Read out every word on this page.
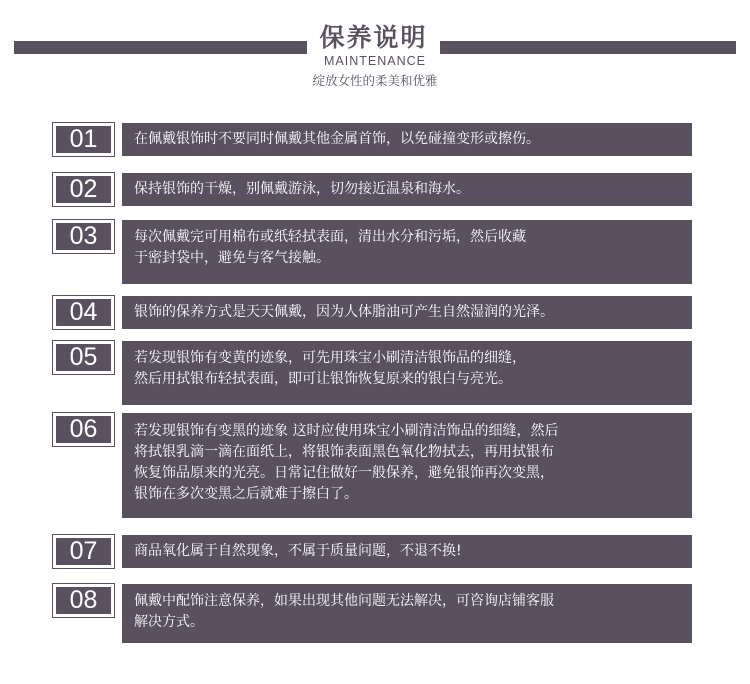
保养说明
MAINTENANCE
绽放女性的柔美和优雅
01	在佩戴银饰时不要同时佩戴其他金属首饰，以免碰撞变形或擦伤。
02	保持银饰的干燥，别佩戴游泳，切勿接近温泉和海水。
03	每次佩戴完可用棉布或纸轻拭表面，清出水分和污垢，然后收藏
于密封袋中，避免与客气接触。
04	银饰的保养方式是天天佩戴，因为人体脂油可产生自然湿润的光泽。
05	若发现银饰有变黄的迹象，可先用珠宝小刷清洁银饰品的细缝，
然后用拭银布轻拭表面，即可让银饰恢复原来的银白与亮光。
06	若发现银饰有变黑的迹象 这时应使用珠宝小刷清洁饰品的细缝，然后
将拭银乳滴一滴在面纸上，将银饰表面黑色氧化物拭去，再用拭银布
恢复饰品原来的光亮。日常记住做好一般保养，避免银饰再次变黑，
银饰在多次变黑之后就难于擦白了。
07	商品氧化属于自然现象，不属于质量问题，不退不换!
08	佩戴中配饰注意保养，如果出现其他问题无法解决，可咨询店铺客服
解决方式。
